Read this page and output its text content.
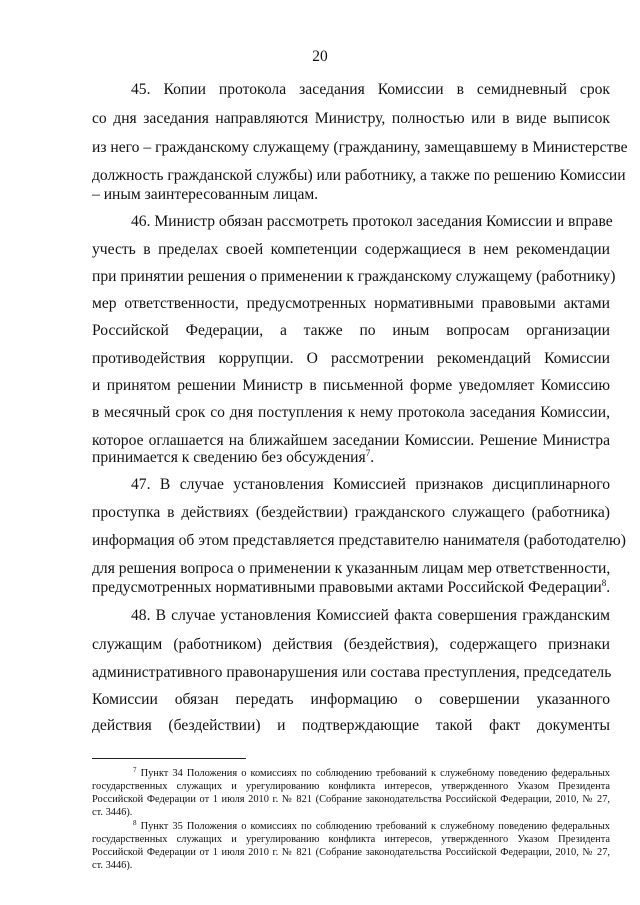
20
45. Копии протокола заседания Комиссии в семидневный срок
со дня заседания направляются Министру, полностью или в виде выписок
из него – гражданскому служащему (гражданину, замещавшему в Министерстве
должность гражданской службы) или работнику, а также по решению Комиссии
– иным заинтересованным лицам.
46. Министр обязан рассмотреть протокол заседания Комиссии и вправе
учесть в пределах своей компетенции содержащиеся в нем рекомендации
при принятии решения о применении к гражданскому служащему (работнику)
мер ответственности, предусмотренных нормативными правовыми актами
Российской Федерации, а также по иным вопросам организации
противодействия коррупции. О рассмотрении рекомендаций Комиссии
и принятом решении Министр в письменной форме уведомляет Комиссию
в месячный срок со дня поступления к нему протокола заседания Комиссии,
которое оглашается на ближайшем заседании Комиссии. Решение Министра
принимается к сведению без обсуждения$^7$.
47. В случае установления Комиссией признаков дисциплинарного
проступка в действиях (бездействии) гражданского служащего (работника)
информация об этом представляется представителю нанимателя (работодателю)
для решения вопроса о применении к указанным лицам мер ответственности,
предусмотренных нормативными правовыми актами Российской Федерации$^8$.
48. В случае установления Комиссией факта совершения гражданским
служащим (работником) действия (бездействия), содержащего признаки
административного правонарушения или состава преступления, председатель
Комиссии обязан передать информацию о совершении указанного
действия (бездействии) и подтверждающие такой факт документы
$^7$ Пункт 34 Положения о комиссиях по соблюдению требований к служебному поведению федеральных
государственных служащих и урегулированию конфликта интересов, утвержденного Указом Президента
Российской Федерации от 1 июля 2010 г. № 821 (Собрание законодательства Российской Федерации, 2010, № 27,
ст. 3446).
$^8$ Пункт 35 Положения о комиссиях по соблюдению требований к служебному поведению федеральных
государственных служащих и урегулированию конфликта интересов, утвержденного Указом Президента
Российской Федерации от 1 июля 2010 г. № 821 (Собрание законодательства Российской Федерации, 2010, № 27,
ст. 3446).
